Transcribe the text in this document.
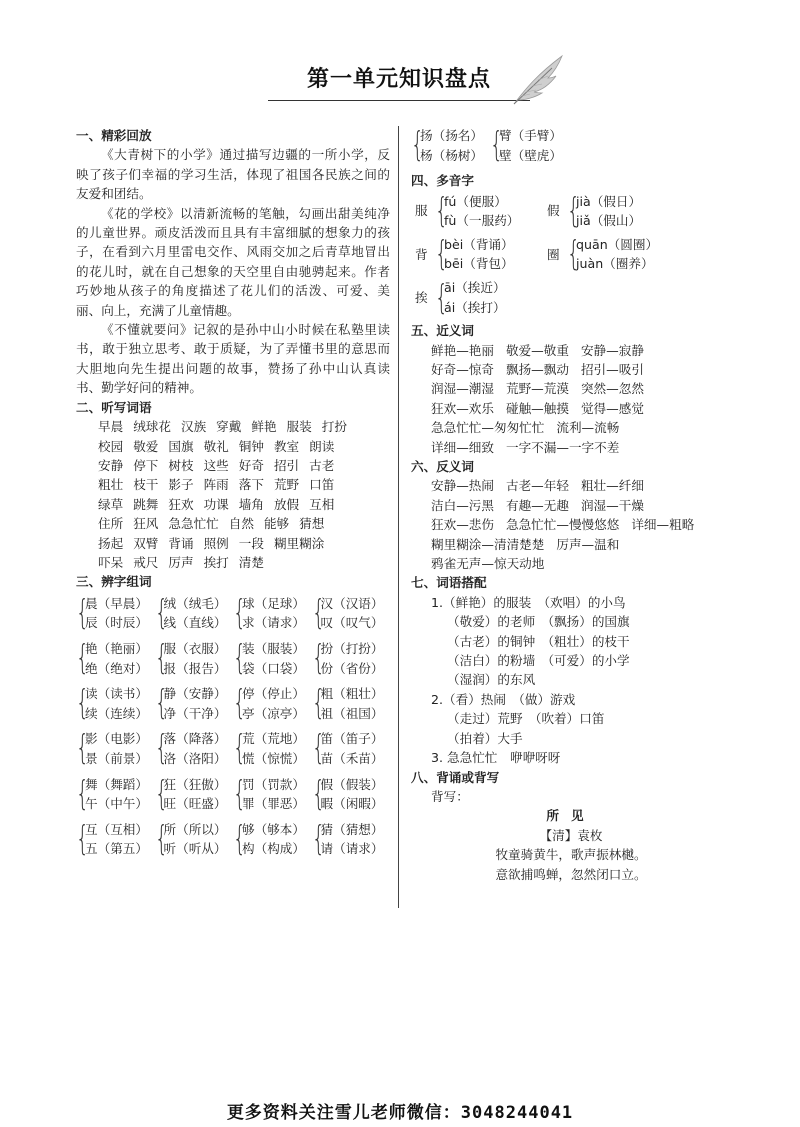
第一单元知识盘点
一、精彩回放
《大青树下的小学》通过描写边疆的一所小学，反映了孩子们幸福的学习生活，体现了祖国各民族之间的友爱和团结。
《花的学校》以清新流畅的笔触，勾画出甜美纯净的儿童世界。顽皮活泼而且具有丰富细腻的想象力的孩子，在看到六月里雷电交作、风雨交加之后青草地冒出的花儿时，就在自己想象的天空里自由驰骋起来。作者巧妙地从孩子的角度描述了花儿们的活泼、可爱、美丽、向上，充满了儿童情趣。
《不懂就要问》记叙的是孙中山小时候在私塾里读书，敢于独立思考、敢于质疑，为了弄懂书里的意思而大胆地向先生提出问题的故事，赞扬了孙中山认真读书、勤学好问的精神。
二、听写词语
早晨 绒球花 汉族 穿戴 鲜艳 服装 打扮
校园 敬爱 国旗 敬礼 铜钟 教室 朗读
安静 停下 树枝 这些 好奇 招引 古老
粗壮 枝干 影子 阵雨 落下 荒野 口笛
绿草 跳舞 狂欢 功课 墙角 放假 互相
住所 狂风 急急忙忙 自然 能够 猜想
扬起 双臂 背诵 照例 一段 糊里糊涂
吓呆 戒尺 厉声 挨打 清楚
三、辨字组词
{
晨（早晨）
辰（时辰） {
绒（绒毛）
线（直线） {
球（足球）
求（请求） {
汉（汉语）
叹（叹气）
{
艳（艳丽）
绝（绝对） {
服（衣服）
报（报告） {
装（服装）
袋（口袋） {
扮（打扮）
份（省份）
{
读（读书）
续（连续） {
静（安静）
净（干净） {
停（停止）
亭（凉亭） {
粗（粗壮）
祖（祖国）
{
影（电影）
景（前景） {
落（降落）
洛（洛阳） {
荒（荒地）
慌（惊慌） {
笛（笛子）
苗（禾苗）
{
舞（舞蹈）
午（中午） {
狂（狂傲）
旺（旺盛） {
罚（罚款）
罪（罪恶） {
假（假装）
暇（闲暇）
{
互（互相）
五（第五） {
所（所以）
听（听从） {
够（够本）
构（构成） {
猜（猜想）
请（请求）
{
扬（扬名）
杨（杨树） {
臂（手臂）
壁（壁虎）
四、多音字
服 {
fú（便服）
fù（一服药）
假 {
jià（假日）
jiǎ（假山）
背 {
bèi（背诵）
bēi（背包）
圈 {
quān（圆圈）
juàn（圈养）
挨 {
āi（挨近）
ái（挨打）
五、近义词
鲜艳—艳丽 敬爱—敬重 安静—寂静
好奇—惊奇 飘扬—飘动 招引—吸引
润湿—潮湿 荒野—荒漠 突然—忽然
狂欢—欢乐 碰触—触摸 觉得—感觉
急急忙忙—匆匆忙忙 流利—流畅
详细—细致 一字不漏—一字不差
六、反义词
安静—热闹 古老—年轻 粗壮—纤细
洁白—污黑 有趣—无趣 润湿—干燥
狂欢—悲伤 急急忙忙—慢慢悠悠 详细—粗略
糊里糊涂—清清楚楚 厉声—温和
鸦雀无声—惊天动地
七、词语搭配
1.（鲜艳）的服装　（欢唱）的小鸟
（敬爱）的老师　（飘扬）的国旗
（古老）的铜钟　（粗壮）的枝干
（洁白）的粉墙　（可爱）的小学
（湿润）的东风
2.（看）热闹　（做）游戏
（走过）荒野　（吹着）口笛
（拍着）大手
3. 急急忙忙　咿咿呀呀
八、背诵或背写
背写：
所见
【清】袁枚
牧童骑黄牛，歌声振林樾。
意欲捕鸣蝉，忽然闭口立。
更多资料关注雪儿老师微信：3048244041
